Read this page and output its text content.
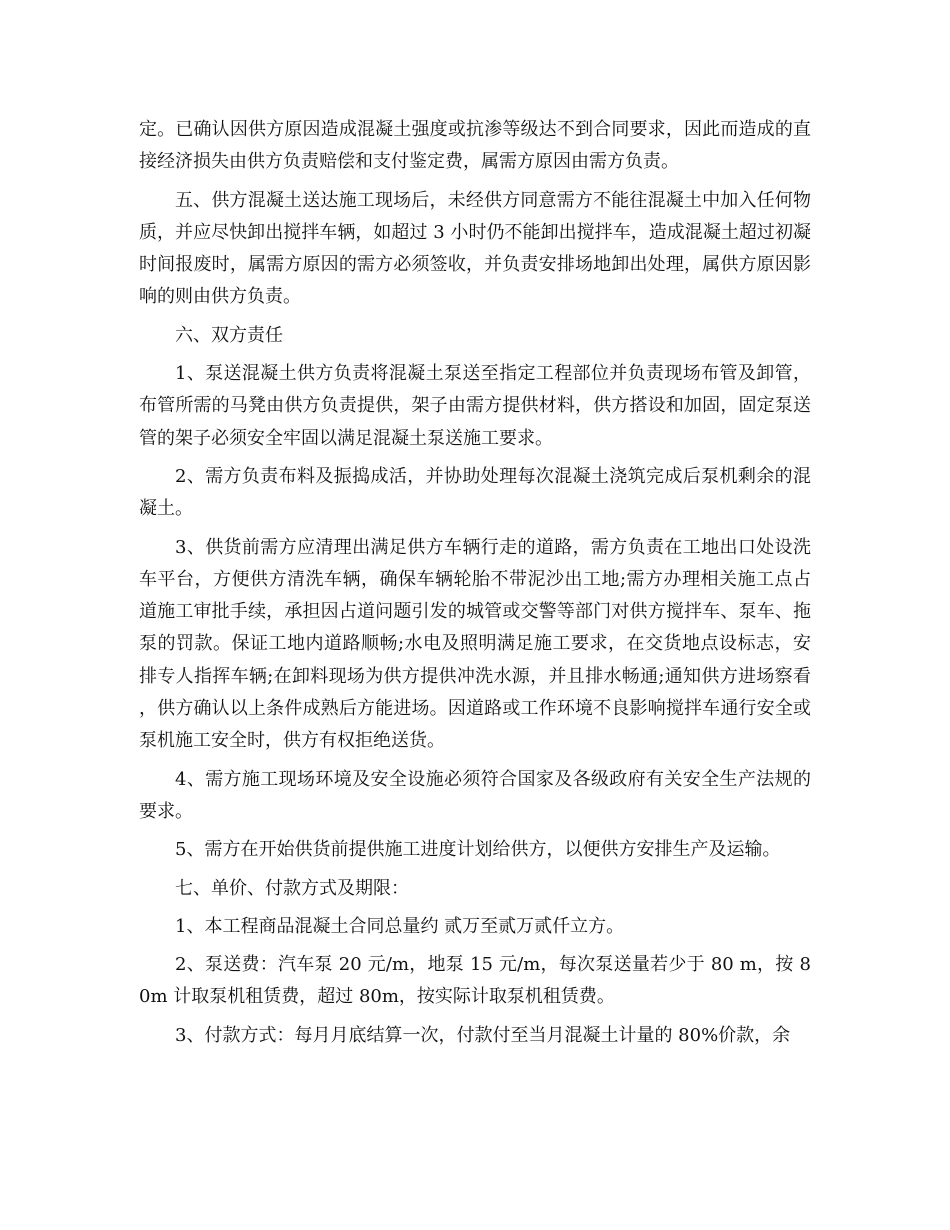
定。已确认因供方原因造成混凝土强度或抗渗等级达不到合同要求，因此而造成的直接经济损失由供方负责赔偿和支付鉴定费，属需方原因由需方负责。

五、供方混凝土送达施工现场后，未经供方同意需方不能往混凝土中加入任何物质，并应尽快卸出搅拌车辆，如超过 3 小时仍不能卸出搅拌车，造成混凝土超过初凝时间报废时，属需方原因的需方必须签收，并负责安排场地卸出处理，属供方原因影响的则由供方负责。

六、双方责任

1、泵送混凝土供方负责将混凝土泵送至指定工程部位并负责现场布管及卸管，布管所需的马凳由供方负责提供，架子由需方提供材料，供方搭设和加固，固定泵送管的架子必须安全牢固以满足混凝土泵送施工要求。

2、需方负责布料及振捣成活，并协助处理每次混凝土浇筑完成后泵机剩余的混凝土。

3、供货前需方应清理出满足供方车辆行走的道路，需方负责在工地出口处设洗车平台，方便供方清洗车辆，确保车辆轮胎不带泥沙出工地;需方办理相关施工点占道施工审批手续，承担因占道问题引发的城管或交警等部门对供方搅拌车、泵车、拖泵的罚款。保证工地内道路顺畅;水电及照明满足施工要求，在交货地点设标志，安排专人指挥车辆;在卸料现场为供方提供冲洗水源，并且排水畅通;通知供方进场察看，供方确认以上条件成熟后方能进场。因道路或工作环境不良影响搅拌车通行安全或泵机施工安全时，供方有权拒绝送货。

4、需方施工现场环境及安全设施必须符合国家及各级政府有关安全生产法规的要求。

5、需方在开始供货前提供施工进度计划给供方，以便供方安排生产及运输。

七、单价、付款方式及期限：

1、本工程商品混凝土合同总量约 贰万至贰万贰仟立方。

2、泵送费：汽车泵 20 元/m，地泵 15 元/m，每次泵送量若少于 80 m，按 80m 计取泵机租赁费，超过 80m，按实际计取泵机租赁费。

3、付款方式：每月月底结算一次，付款付至当月混凝土计量的 80%价款，余
